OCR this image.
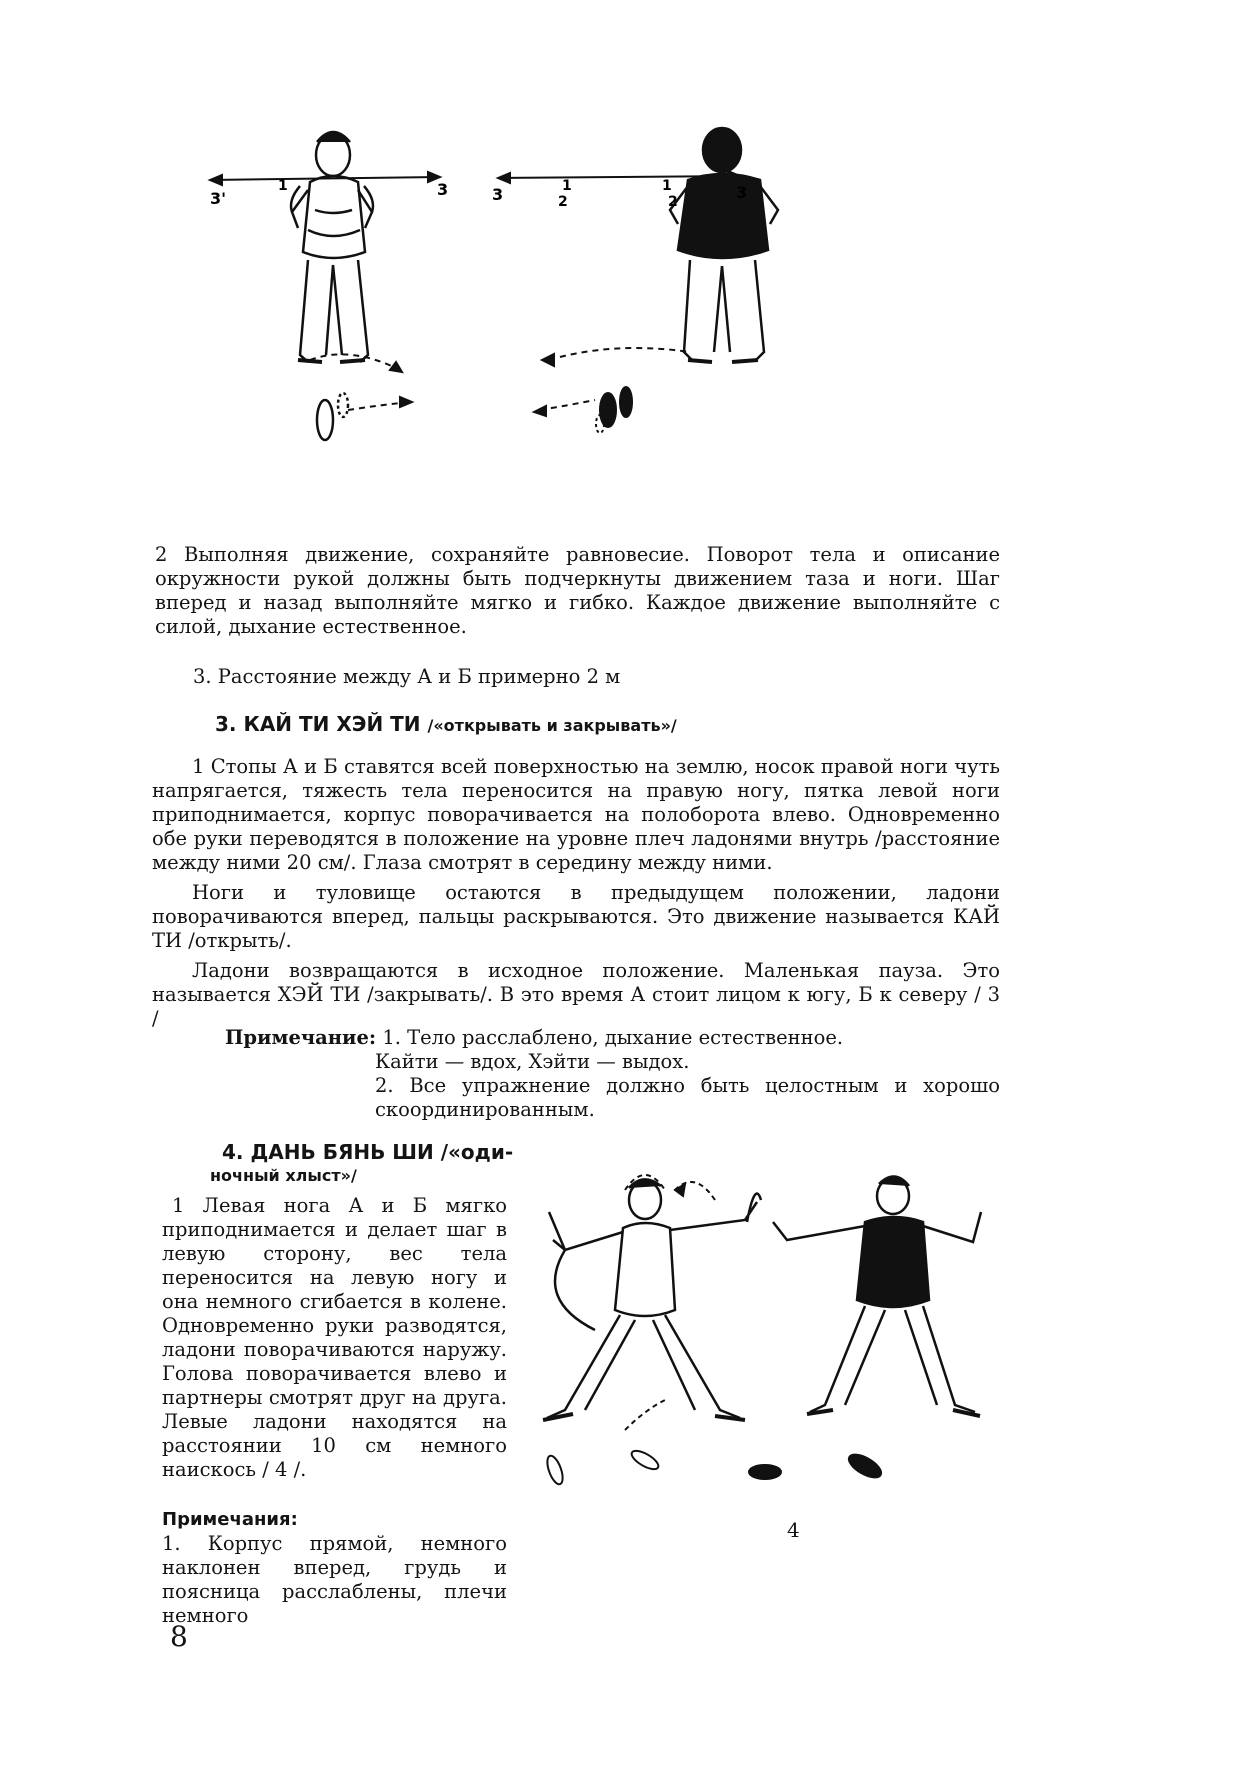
3'
1	3	3	1
2
1
2	3
2 Выполняя движение, сохраняйте равновесие. Поворот тела и описание окружности рукой должны быть подчеркнуты движением таза и ноги. Шаг вперед и назад выполняйте мягко и гибко. Каждое движение выполняйте с силой, дыхание естественное.
3. Расстояние между А и Б примерно 2 м
3. КАЙ ТИ ХЭЙ ТИ /«открывать и закрывать»/

1 Стопы А и Б ставятся всей поверхностью на землю, носок правой ноги чуть напрягается, тяжесть тела переносится на правую ногу, пятка левой ноги приподнимается, корпус поворачивается на полоборота влево. Одновременно обе руки переводятся в положение на уровне плеч ладонями внутрь /расстояние между ними 20 см/. Глаза смотрят в середину между ними.

Ноги и туловище остаются в предыдущем положении, ладони поворачиваются вперед, пальцы раскрываются. Это движение называется КАЙ ТИ /открыть/.

Ладони возвращаются в исходное положение. Маленькая пауза. Это называется ХЭЙ ТИ /закрывать/. В это время А стоит лицом к югу, Б к северу / 3 /

Примечание: 1. Тело расслаблено, дыхание естественное.

Кайти — вдох, Хэйти — выдох.

2. Все упражнение должно быть целостным и хорошо скоординированным.

4. ДАНЬ БЯНЬ ШИ /«оди-
ночный хлыст»/
1 Левая нога А и Б мягко приподнимается и делает шаг в левую сторону, вес тела переносится на левую ногу и она немного сгибается в колене. Одновременно руки разводятся, ладони поворачиваются наружу. Голова поворачивается влево и партнеры смотрят друг на друга. Левые ладони находятся на расстоянии 10 см немного наискось / 4 /.

Примечания:

1. Корпус прямой, немного наклонен вперед, грудь и поясница расслаблены, плечи немного

4
8
